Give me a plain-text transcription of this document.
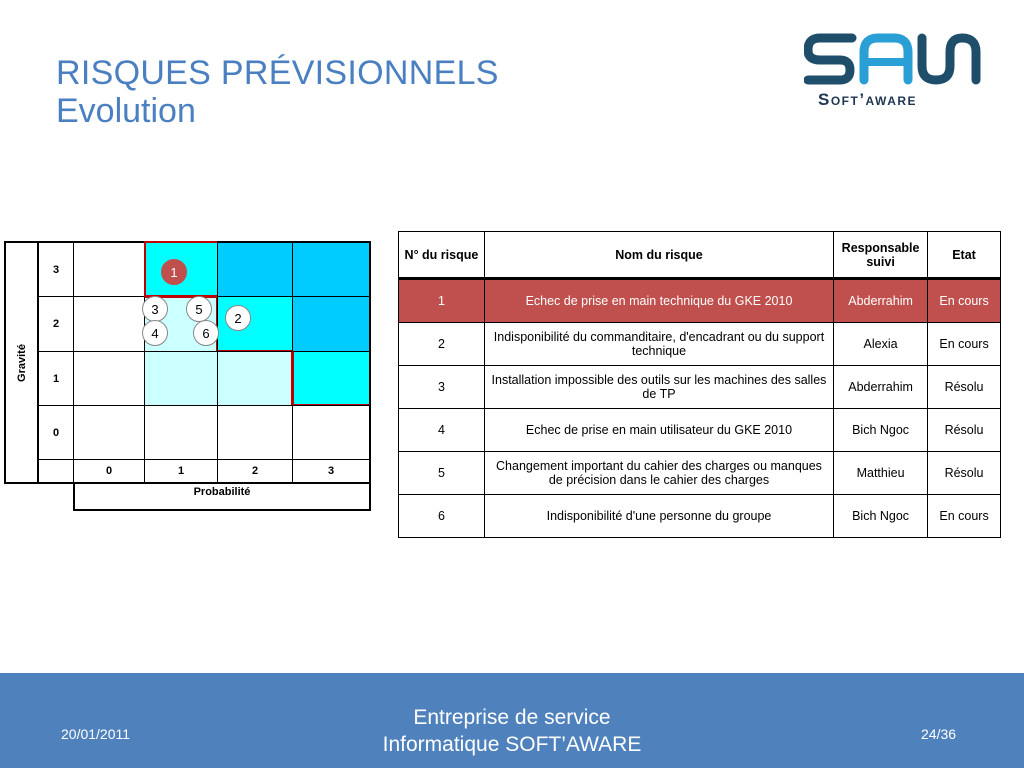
RISQUES PRÉVISIONNELS
Evolution	Soft’aware
Gravité
3
2
1
0
0	1	2	3
Probabilité
1
3	5
2
4	6
N° du risque	Nom du risque	Responsable suivi	Etat
1	Echec de prise en main technique du GKE 2010	Abderrahim	En cours
2	Indisponibilité du commanditaire, d'encadrant ou du support technique	Alexia	En cours
3	Installation impossible des outils sur les machines des salles de TP	Abderrahim	Résolu
4	Echec de prise en main utilisateur du GKE 2010	Bich Ngoc	Résolu
5	Changement important du cahier des charges ou manques de précision dans le cahier des charges	Matthieu	Résolu
6	Indisponibilité d'une personne du groupe	Bich Ngoc	En cours
20/01/2011
Entreprise de service
Informatique SOFT’AWARE	24/36
